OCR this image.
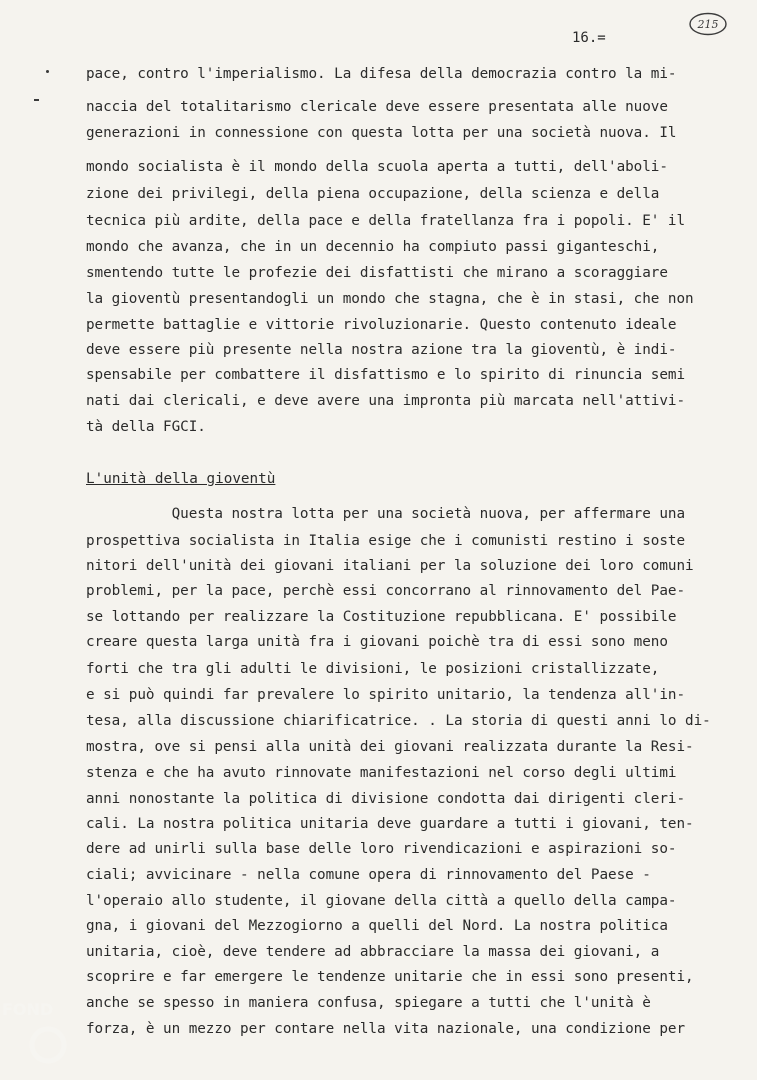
16.=
215
pace, contro l'imperialismo. La difesa della democrazia contro la mi-
naccia del totalitarismo clericale deve essere presentata alle nuove
generazioni in connessione con questa lotta per una società nuova. Il
mondo socialista è il mondo della scuola aperta a tutti, dell'aboli-
zione dei privilegi, della piena occupazione, della scienza e della
tecnica più ardite, della pace e della fratellanza fra i popoli. E' il
mondo che avanza, che in un decennio ha compiuto passi giganteschi,
smentendo tutte le profezie dei disfattisti che mirano a scoraggiare
la gioventù presentandogli un mondo che stagna, che è in stasi, che non
permette battaglie e vittorie rivoluzionarie. Questo contenuto ideale
deve essere più presente nella nostra azione tra la gioventù, è indi-
spensabile per combattere il disfattismo e lo spirito di rinuncia semi
nati dai clericali, e deve avere una impronta più marcata nell'attivi-
tà della FGCI.
L'unità della gioventù
Questa nostra lotta per una società nuova, per affermare una
prospettiva socialista in Italia esige che i comunisti restino i soste
nitori dell'unità dei giovani italiani per la soluzione dei loro comuni
problemi, per la pace, perchè essi concorrano al rinnovamento del Pae-
se lottando per realizzare la Costituzione repubblicana. E' possibile
creare questa larga unità fra i giovani poichè tra di essi sono meno
forti che tra gli adulti le divisioni, le posizioni cristallizzate,
e si può quindi far prevalere lo spirito unitario, la tendenza all'in-
tesa, alla discussione chiarificatrice. . La storia di questi anni lo di-
mostra, ove si pensi alla unità dei giovani realizzata durante la Resi-
stenza e che ha avuto rinnovate manifestazioni nel corso degli ultimi
anni nonostante la politica di divisione condotta dai dirigenti cleri-
cali. La nostra politica unitaria deve guardare a tutti i giovani, ten-
dere ad unirli sulla base delle loro rivendicazioni e aspirazioni so-
ciali; avvicinare - nella comune opera di rinnovamento del Paese -
l'operaio allo studente, il giovane della città a quello della campa-
gna, i giovani del Mezzogiorno a quelli del Nord. La nostra politica
unitaria, cioè, deve tendere ad abbracciare la massa dei giovani, a
scoprire e far emergere le tendenze unitarie che in essi sono presenti,
anche se spesso in maniera confusa, spiegare a tutti che l'unità è
forza, è un mezzo per contare nella vita nazionale, una condizione per
FOND
